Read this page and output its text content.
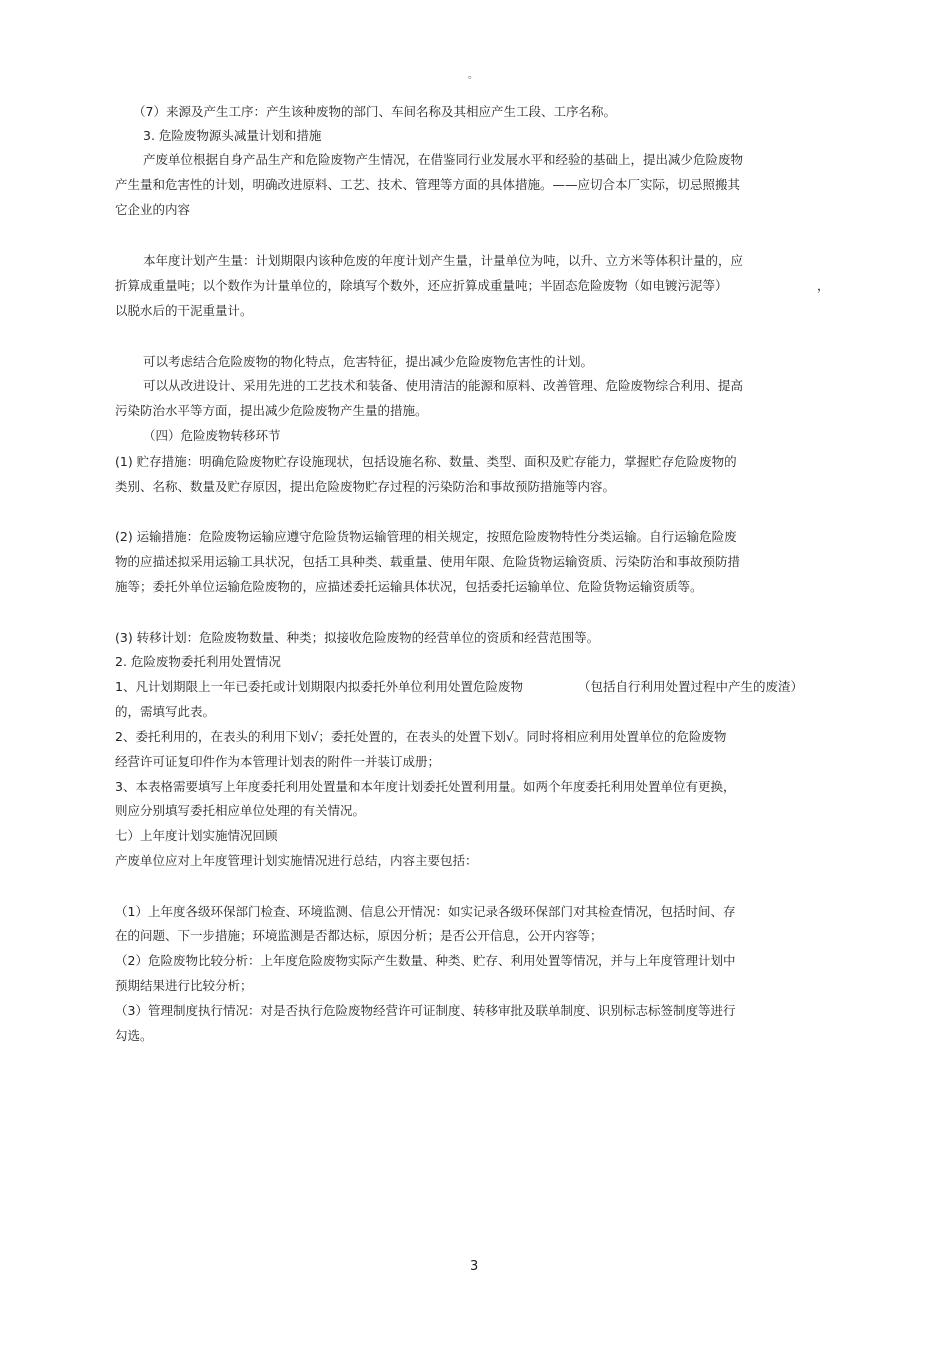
。

（7）来源及产生工序：产生该种废物的部门、车间名称及其相应产生工段、工序名称。

3. 危险废物源头减量计划和措施

产废单位根据自身产品生产和危险废物产生情况，在借鉴同行业发展水平和经验的基础上，提出减少危险废物

产生量和危害性的计划，明确改进原料、工艺、技术、管理等方面的具体措施。——应切合本厂实际，切忌照搬其

它企业的内容

本年度计划产生量：计划期限内该种危废的年度计划产生量，计量单位为吨，以升、立方米等体积计量的，应

折算成重量吨；以个数作为计量单位的，除填写个数外，还应折算成重量吨；半固态危险废物（如电镀污泥等）	，

以脱水后的干泥重量计。

可以考虑结合危险废物的物化特点，危害特征，提出减少危险废物危害性的计划。

可以从改进设计、采用先进的工艺技术和装备、使用清洁的能源和原料、改善管理、危险废物综合利用、提高

污染防治水平等方面，提出减少危险废物产生量的措施。

（四）危险废物转移环节

(1) 贮存措施：明确危险废物贮存设施现状，包括设施名称、数量、类型、面积及贮存能力，掌握贮存危险废物的

类别、名称、数量及贮存原因，提出危险废物贮存过程的污染防治和事故预防措施等内容。

(2) 运输措施：危险废物运输应遵守危险货物运输管理的相关规定，按照危险废物特性分类运输。自行运输危险废

物的应描述拟采用运输工具状况，包括工具种类、载重量、使用年限、危险货物运输资质、污染防治和事故预防措

施等；委托外单位运输危险废物的，应描述委托运输具体状况，包括委托运输单位、危险货物运输资质等。

(3) 转移计划：危险废物数量、种类；拟接收危险废物的经营单位的资质和经营范围等。

2. 危险废物委托利用处置情况

1、凡计划期限上一年已委托或计划期限内拟委托外单位利用处置危险废物	（包括自行利用处置过程中产生的废渣）

的，需填写此表。

2、委托利用的，在表头的利用下划√；委托处置的，在表头的处置下划√。同时将相应利用处置单位的危险废物

经营许可证复印件作为本管理计划表的附件一并装订成册；

3、本表格需要填写上年度委托利用处置量和本年度计划委托处置利用量。如两个年度委托利用处置单位有更换，

则应分别填写委托相应单位处理的有关情况。

七）上年度计划实施情况回顾

产废单位应对上年度管理计划实施情况进行总结，内容主要包括：

（1）上年度各级环保部门检查、环境监测、信息公开情况：如实记录各级环保部门对其检查情况，包括时间、存

在的问题、下一步措施；环境监测是否都达标，原因分析；是否公开信息，公开内容等；

（2）危险废物比较分析：上年度危险废物实际产生数量、种类、贮存、利用处置等情况，并与上年度管理计划中

预期结果进行比较分析；

（3）管理制度执行情况：对是否执行危险废物经营许可证制度、转移审批及联单制度、识别标志标签制度等进行

勾选。

3
